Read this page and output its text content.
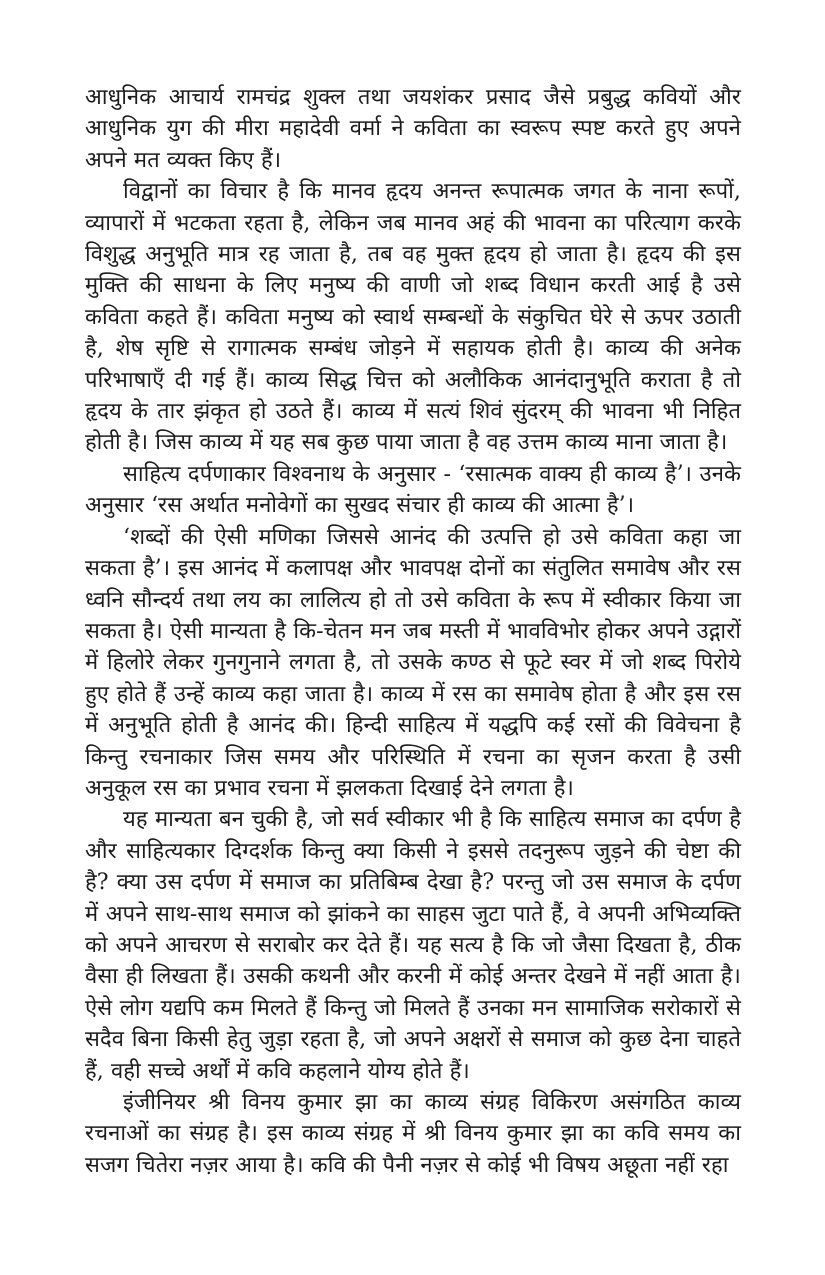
आधुनिक आचार्य रामचंद्र शुक्ल तथा जयशंकर प्रसाद जैसे प्रबुद्ध कवियों और आधुनिक युग की मीरा महादेवी वर्मा ने कविता का स्वरूप स्पष्ट करते हुए अपने अपने मत व्यक्त किए हैं।

विद्वानों का विचार है कि मानव हृदय अनन्त रूपात्मक जगत के नाना रूपों, व्यापारों में भटकता रहता है, लेकिन जब मानव अहं की भावना का परित्याग करके विशुद्ध अनुभूति मात्र रह जाता है, तब वह मुक्त हृदय हो जाता है। हृदय की इस मुक्ति की साधना के लिए मनुष्य की वाणी जो शब्द विधान करती आई है उसे कविता कहते हैं। कविता मनुष्य को स्वार्थ सम्बन्धों के संकुचित घेरे से ऊपर उठाती है, शेष सृष्टि से रागात्मक सम्बंध जोड़ने में सहायक होती है। काव्य की अनेक परिभाषाएँ दी गई हैं। काव्य सिद्ध चित्त को अलौकिक आनंदानुभूति कराता है तो हृदय के तार झंकृत हो उठते हैं। काव्य में सत्यं शिवं सुंदरम् की भावना भी निहित होती है। जिस काव्य में यह सब कुछ पाया जाता है वह उत्तम काव्य माना जाता है।

साहित्य दर्पणाकार विश्वनाथ के अनुसार - ‘रसात्मक वाक्य ही काव्य है’। उनके अनुसार ‘रस अर्थात मनोवेगों का सुखद संचार ही काव्य की आत्मा है’।

‘शब्दों की ऐसी मणिका जिससे आनंद की उत्पत्ति हो उसे कविता कहा जा सकता है’। इस आनंद में कलापक्ष और भावपक्ष दोनों का संतुलित समावेष और रस ध्वनि सौन्दर्य तथा लय का लालित्य हो तो उसे कविता के रूप में स्वीकार किया जा सकता है। ऐसी मान्यता है कि-चेतन मन जब मस्ती में भावविभोर होकर अपने उद्गारों में हिलोरे लेकर गुनगुनाने लगता है, तो उसके कण्ठ से फूटे स्वर में जो शब्द पिरोये हुए होते हैं उन्हें काव्य कहा जाता है। काव्य में रस का समावेष होता है और इस रस में अनुभूति होती है आनंद की। हिन्दी साहित्य में यद्धपि कई रसों की विवेचना है किन्तु रचनाकार जिस समय और परिस्थिति में रचना का सृजन करता है उसी अनुकूल रस का प्रभाव रचना में झलकता दिखाई देने लगता है।

यह मान्यता बन चुकी है, जो सर्व स्वीकार भी है कि साहित्य समाज का दर्पण है और साहित्यकार दिग्दर्शक किन्तु क्या किसी ने इससे तदनुरूप जुड़ने की चेष्टा की है? क्या उस दर्पण में समाज का प्रतिबिम्ब देखा है? परन्तु जो उस समाज के दर्पण में अपने साथ-साथ समाज को झांकने का साहस जुटा पाते हैं, वे अपनी अभिव्यक्ति को अपने आचरण से सराबोर कर देते हैं। यह सत्य है कि जो जैसा दिखता है, ठीक वैसा ही लिखता हैं। उसकी कथनी और करनी में कोई अन्तर देखने में नहीं आता है। ऐसे लोग यद्यपि कम मिलते हैं किन्तु जो मिलते हैं उनका मन सामाजिक सरोकारों से सदैव बिना किसी हेतु जुड़ा रहता है, जो अपने अक्षरों से समाज को कुछ देना चाहते हैं, वही सच्चे अर्थों में कवि कहलाने योग्य होते हैं।

इंजीनियर श्री विनय कुमार झा का काव्य संग्रह विकिरण असंगठित काव्य रचनाओं का संग्रह है। इस काव्य संग्रह में श्री विनय कुमार झा का कवि समय का सजग चितेरा नज़र आया है। कवि की पैनी नज़र से कोई भी विषय अछूता नहीं रहा
